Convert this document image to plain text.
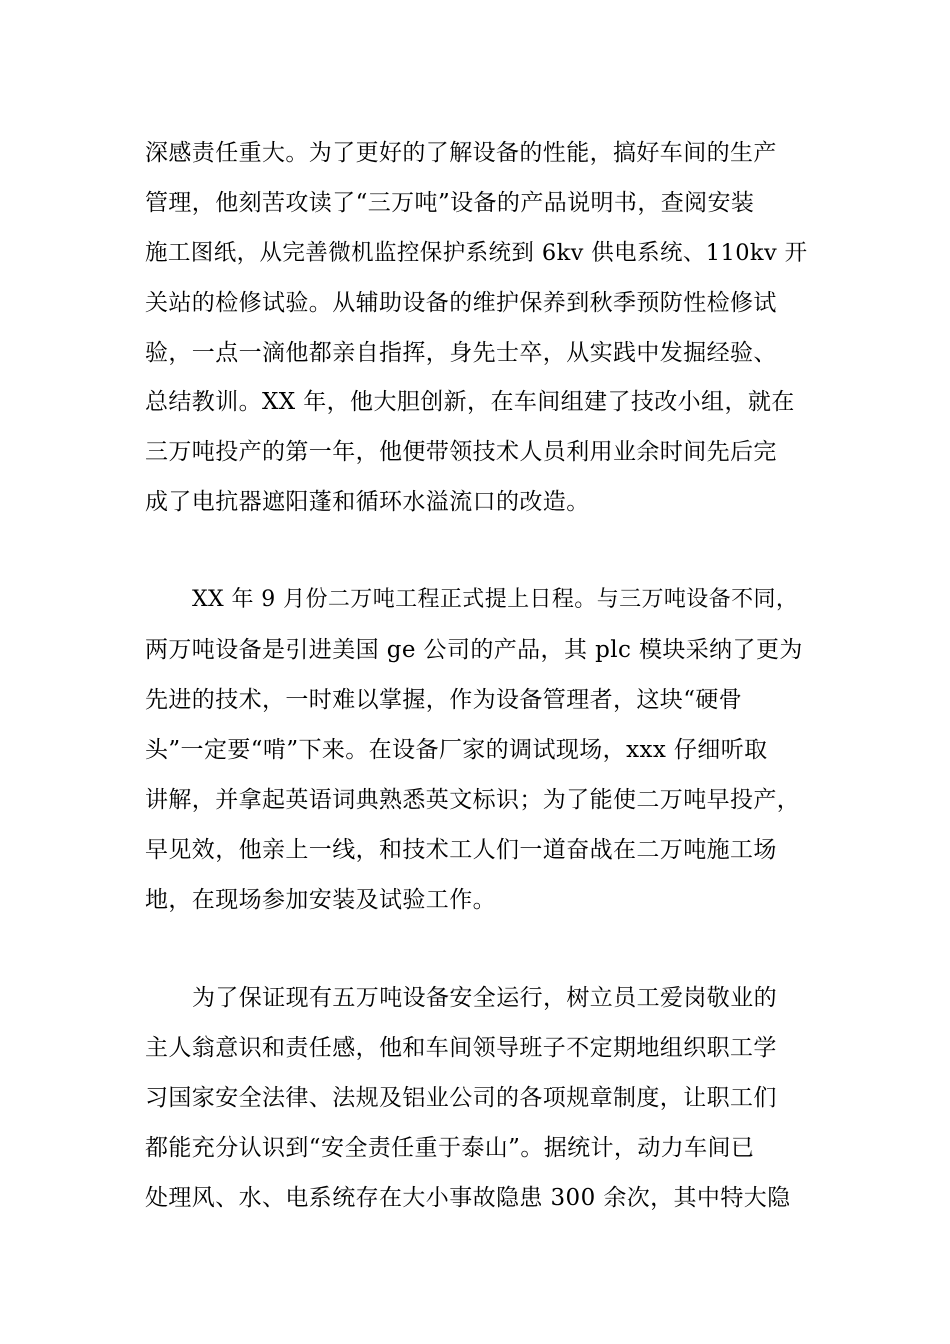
深感责任重大。为了更好的了解设备的性能，搞好车间的生产
管理，他刻苦攻读了“三万吨”设备的产品说明书，查阅安装
施工图纸，从完善微机监控保护系统到 6kv 供电系统、110kv 开
关站的检修试验。从辅助设备的维护保养到秋季预防性检修试
验，一点一滴他都亲自指挥，身先士卒，从实践中发掘经验、
总结教训。XX 年，他大胆创新，在车间组建了技改小组，就在
三万吨投产的第一年，他便带领技术人员利用业余时间先后完
成了电抗器遮阳蓬和循环水溢流口的改造。
XX 年 9 月份二万吨工程正式提上日程。与三万吨设备不同，
两万吨设备是引进美国 ge 公司的产品，其 plc 模块采纳了更为
先进的技术，一时难以掌握，作为设备管理者，这块“硬骨
头”一定要“啃”下来。在设备厂家的调试现场，xxx 仔细听取
讲解，并拿起英语词典熟悉英文标识；为了能使二万吨早投产，
早见效，他亲上一线，和技术工人们一道奋战在二万吨施工场
地，在现场参加安装及试验工作。
为了保证现有五万吨设备安全运行，树立员工爱岗敬业的
主人翁意识和责任感，他和车间领导班子不定期地组织职工学
习国家安全法律、法规及铝业公司的各项规章制度，让职工们
都能充分认识到“安全责任重于泰山”。据统计，动力车间已
处理风、水、电系统存在大小事故隐患 300 余次，其中特大隐
